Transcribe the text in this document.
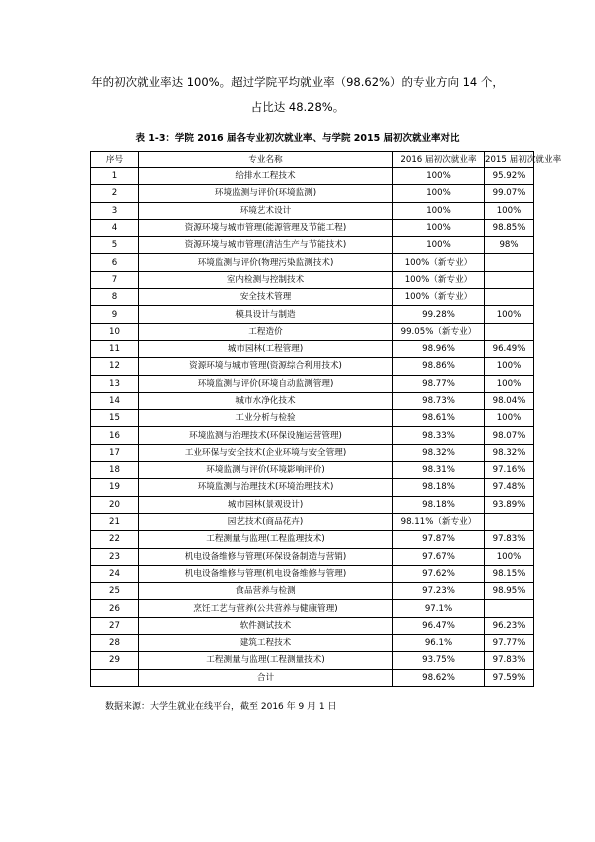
年的初次就业率达 100%。超过学院平均就业率（98.62%）的专业方向 14 个，
占比达 48.28%。
表 1-3：学院 2016 届各专业初次就业率、与学院 2015 届初次就业率对比
序号	专业名称	2016 届初次就业率	2015 届初次就业率
1	给排水工程技术	100%	95.92%
2	环境监测与评价(环境监测)	100%	99.07%
3	环境艺术设计	100%	100%
4	资源环境与城市管理(能源管理及节能工程)	100%	98.85%
5	资源环境与城市管理(清洁生产与节能技术)	100%	98%
6	环境监测与评价(物理污染监测技术)	100%（新专业）	
7	室内检测与控制技术	100%（新专业）	
8	安全技术管理	100%（新专业）	
9	模具设计与制造	99.28%	100%
10	工程造价	99.05%（新专业）	
11	城市园林(工程管理)	98.96%	96.49%
12	资源环境与城市管理(资源综合利用技术)	98.86%	100%
13	环境监测与评价(环境自动监测管理)	98.77%	100%
14	城市水净化技术	98.73%	98.04%
15	工业分析与检验	98.61%	100%
16	环境监测与治理技术(环保设施运营管理)	98.33%	98.07%
17	工业环保与安全技术(企业环境与安全管理)	98.32%	98.32%
18	环境监测与评价(环境影响评价)	98.31%	97.16%
19	环境监测与治理技术(环境治理技术)	98.18%	97.48%
20	城市园林(景观设计)	98.18%	93.89%
21	园艺技术(商品花卉)	98.11%（新专业）	
22	工程测量与监理(工程监理技术)	97.87%	97.83%
23	机电设备维修与管理(环保设备制造与营销)	97.67%	100%
24	机电设备维修与管理(机电设备维修与管理)	97.62%	98.15%
25	食品营养与检测	97.23%	98.95%
26	烹饪工艺与营养(公共营养与健康管理)	97.1%	
27	软件测试技术	96.47%	96.23%
28	建筑工程技术	96.1%	97.77%
29	工程测量与监理(工程测量技术)	93.75%	97.83%
	合计	98.62%	97.59%
数据来源：大学生就业在线平台，截至 2016 年 9 月 1 日
